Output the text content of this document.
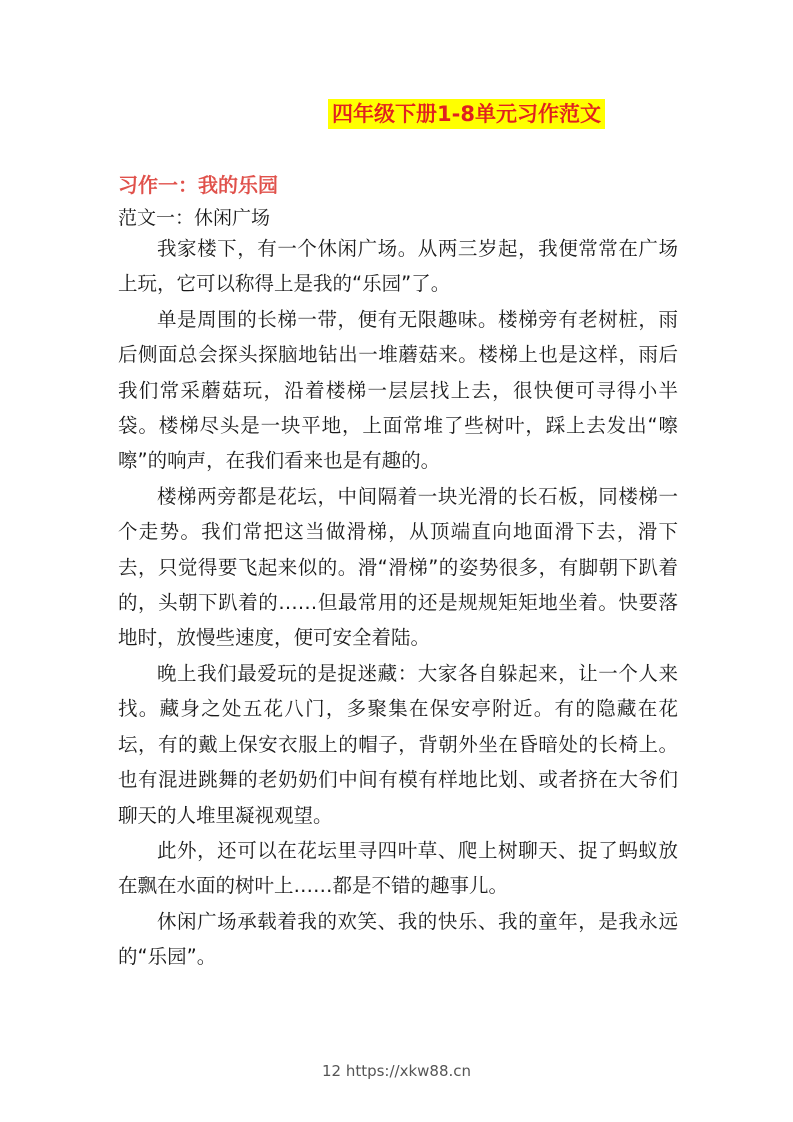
四年级下册1-8单元习作范文
习作一：我的乐园
范文一：休闲广场

我家楼下，有一个休闲广场。从两三岁起，我便常常在广场上玩，它可以称得上是我的“乐园”了。

单是周围的长梯一带，便有无限趣味。楼梯旁有老树桩，雨后侧面总会探头探脑地钻出一堆蘑菇来。楼梯上也是这样，雨后我们常采蘑菇玩，沿着楼梯一层层找上去，很快便可寻得小半袋。楼梯尽头是一块平地，上面常堆了些树叶，踩上去发出“嚓嚓”的响声，在我们看来也是有趣的。

楼梯两旁都是花坛，中间隔着一块光滑的长石板，同楼梯一个走势。我们常把这当做滑梯，从顶端直向地面滑下去，滑下去，只觉得要飞起来似的。滑“滑梯”的姿势很多，有脚朝下趴着的，头朝下趴着的……但最常用的还是规规矩矩地坐着。快要落地时，放慢些速度，便可安全着陆。

晚上我们最爱玩的是捉迷藏：大家各自躲起来，让一个人来找。藏身之处五花八门，多聚集在保安亭附近。有的隐藏在花坛，有的戴上保安衣服上的帽子，背朝外坐在昏暗处的长椅上。也有混进跳舞的老奶奶们中间有模有样地比划、或者挤在大爷们聊天的人堆里凝视观望。

此外，还可以在花坛里寻四叶草、爬上树聊天、捉了蚂蚁放在飘在水面的树叶上……都是不错的趣事儿。

休闲广场承载着我的欢笑、我的快乐、我的童年，是我永远的“乐园”。

12 https://xkw88.cn
